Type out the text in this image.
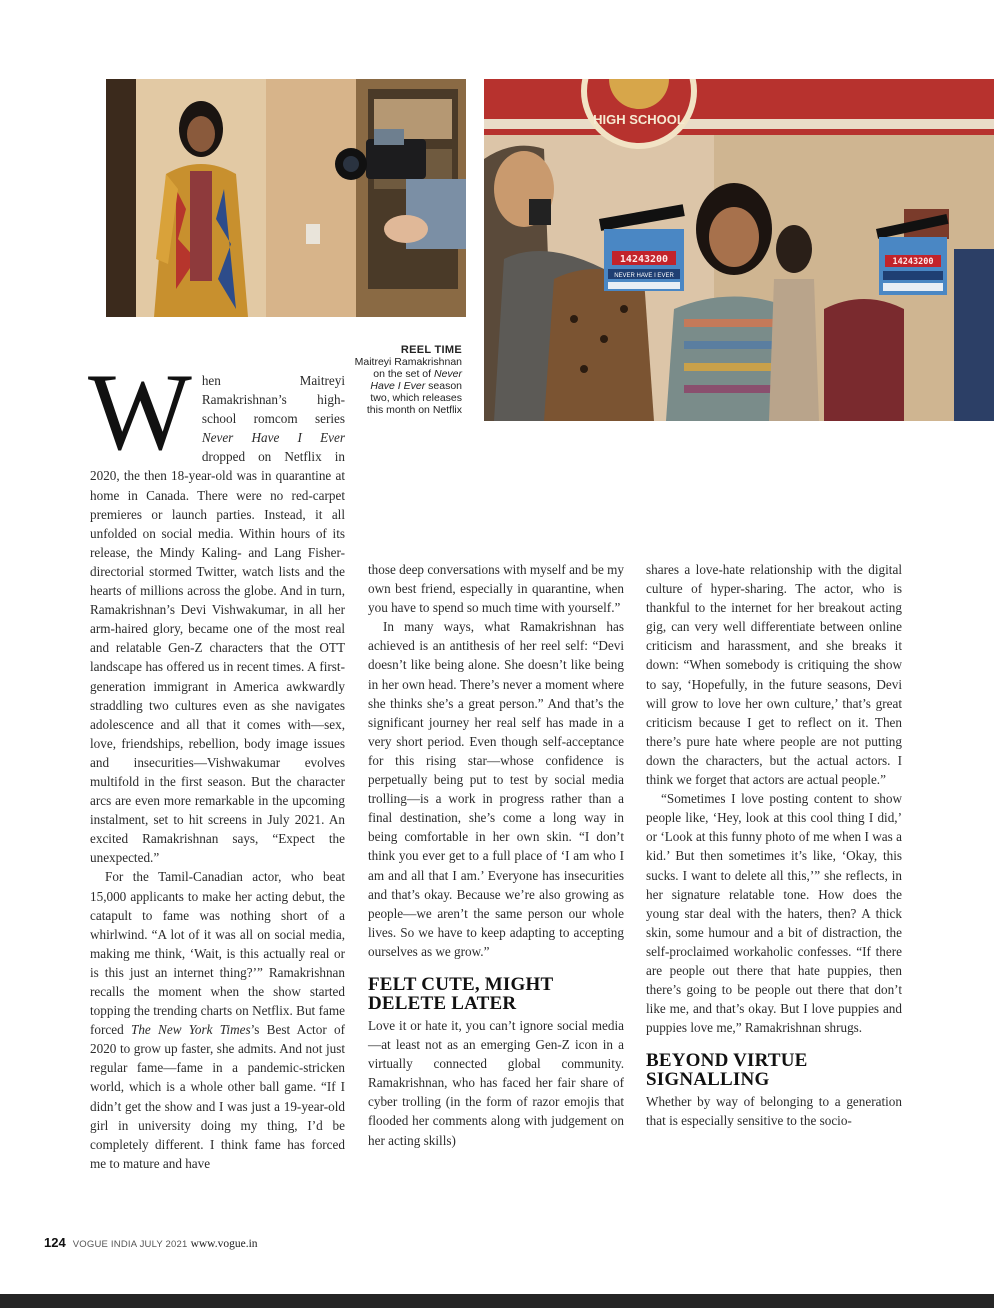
HIGH SCHOOL
14243200
NEVER HAVE I EVER
14243200
REEL TIME
Maitreyi Ramakrishnan on the set of Never Have I Ever season two, which releases this month on Netflix

When Maitreyi Ramakrishnan’s high-school romcom series Never Have I Ever dropped on Netflix in 2020, the then 18-year-old was in quarantine at home in Canada. There were no red-carpet premieres or launch parties. Instead, it all unfolded on social media. Within hours of its release, the Mindy Kaling- and Lang Fisher-directorial stormed Twitter, watch lists and the hearts of millions across the globe. And in turn, Ramakrishnan’s Devi Vishwakumar, in all her arm-haired glory, became one of the most real and relatable Gen-Z characters that the OTT landscape has offered us in recent times. A first-generation immigrant in America awkwardly straddling two cultures even as she navigates adolescence and all that it comes with—sex, love, friendships, rebellion, body image issues and insecurities—Vishwakumar evolves multifold in the first season. But the character arcs are even more remarkable in the upcoming instalment, set to hit screens in July 2021. An excited Ramakrishnan says, “Expect the unexpected.”

For the Tamil-Canadian actor, who beat 15,000 applicants to make her acting debut, the catapult to fame was nothing short of a whirlwind. “A lot of it was all on social media, making me think, ‘Wait, is this actually real or is this just an internet thing?’” Ramakrishnan recalls the moment when the show started topping the trending charts on Netflix. But fame forced The New York Times’s Best Actor of 2020 to grow up faster, she admits. And not just regular fame—fame in a pandemic-stricken world, which is a whole other ball game. “If I didn’t get the show and I was just a 19-year-old girl in university doing my thing, I’d be completely different. I think fame has forced me to mature and have

those deep conversations with myself and be my own best friend, especially in quarantine, when you have to spend so much time with yourself.”

In many ways, what Ramakrishnan has achieved is an antithesis of her reel self: “Devi doesn’t like being alone. She doesn’t like being in her own head. There’s never a moment where she thinks she’s a great person.” And that’s the significant journey her real self has made in a very short period. Even though self-acceptance for this rising star—whose confidence is perpetually being put to test by social media trolling—is a work in progress rather than a final destination, she’s come a long way in being comfortable in her own skin. “I don’t think you ever get to a full place of ‘I am who I am and all that I am.’ Everyone has insecurities and that’s okay. Because we’re also growing as people—we aren’t the same person our whole lives. So we have to keep adapting to accepting ourselves as we grow.”

FELT CUTE, MIGHT DELETE LATER

Love it or hate it, you can’t ignore social media—at least not as an emerging Gen-Z icon in a virtually connected global community. Ramakrishnan, who has faced her fair share of cyber trolling (in the form of razor emojis that flooded her comments along with judgement on her acting skills)

shares a love-hate relationship with the digital culture of hyper-sharing. The actor, who is thankful to the internet for her breakout acting gig, can very well differentiate between online criticism and harassment, and she breaks it down: “When somebody is critiquing the show to say, ‘Hopefully, in the future seasons, Devi will grow to love her own culture,’ that’s great criticism because I get to reflect on it. Then there’s pure hate where people are not putting down the characters, but the actual actors. I think we forget that actors are actual people.”

“Sometimes I love posting content to show people like, ‘Hey, look at this cool thing I did,’ or ‘Look at this funny photo of me when I was a kid.’ But then sometimes it’s like, ‘Okay, this sucks. I want to delete all this,’” she reflects, in her signature relatable tone. How does the young star deal with the haters, then? A thick skin, some humour and a bit of distraction, the self-proclaimed workaholic confesses. “If there are people out there that hate puppies, then there’s going to be people out there that don’t like me, and that’s okay. But I love puppies and puppies love me,” Ramakrishnan shrugs.

BEYOND VIRTUE SIGNALLING

Whether by way of belonging to a generation that is especially sensitive to the socio-

124 VOGUE INDIA JULY 2021 www.vogue.in
